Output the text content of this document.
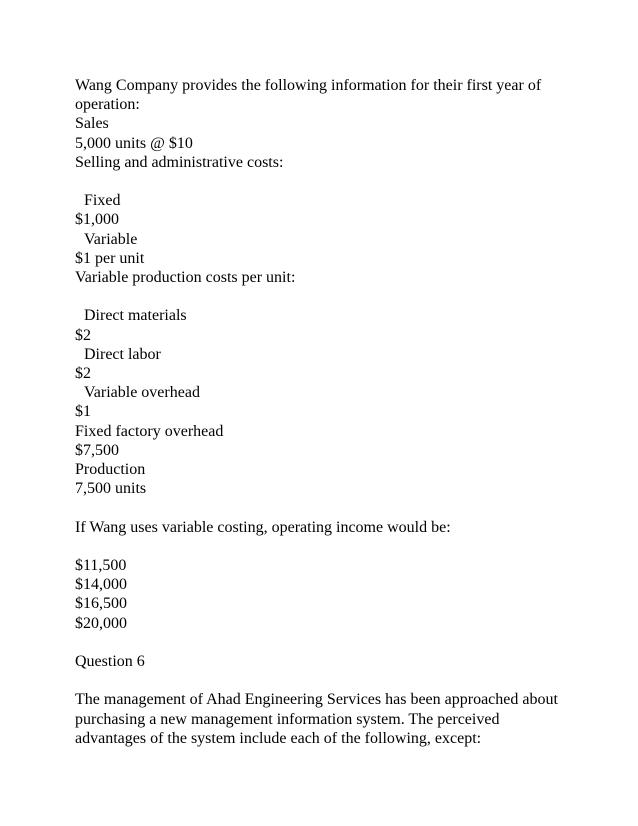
Wang Company provides the following information for their first year of operation:
Sales
5,000 units @ $10
Selling and administrative costs:
Fixed
$1,000
Variable
$1 per unit
Variable production costs per unit:
Direct materials
$2
Direct labor
$2
Variable overhead
$1
Fixed factory overhead
$7,500
Production
7,500 units
If Wang uses variable costing, operating income would be:
$11,500
$14,000
$16,500
$20,000
Question 6
The management of Ahad Engineering Services has been approached about purchasing a new management information system. The perceived advantages of the system include each of the following, except:
